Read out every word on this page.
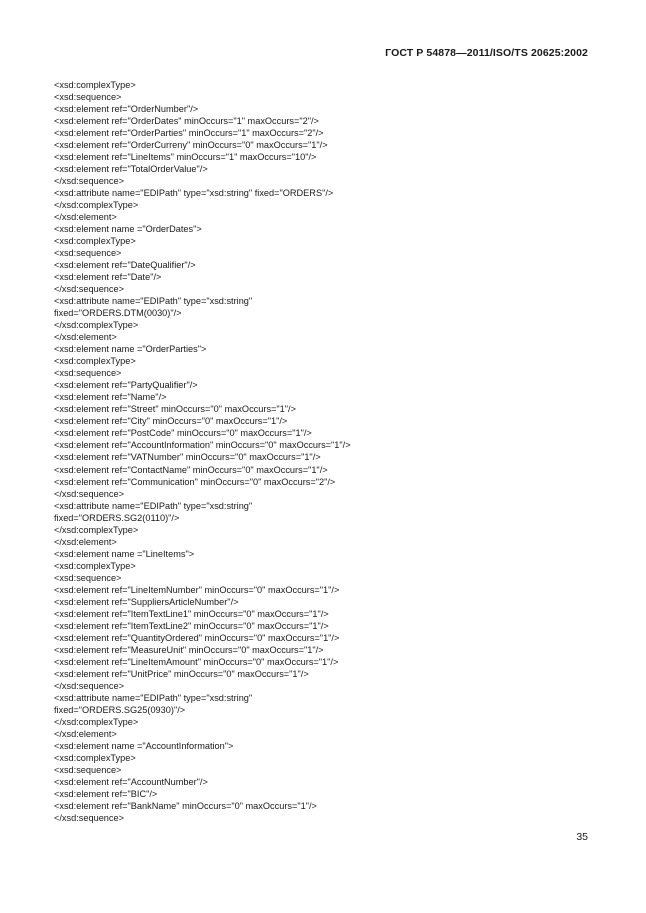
ГОСТ Р 54878—2011/ISO/TS 20625:2002
<xsd:complexType>
<xsd:sequence>
<xsd:element ref="OrderNumber"/>
<xsd:element ref="OrderDates" minOccurs="1" maxOccurs="2"/>
<xsd:element ref="OrderParties" minOccurs="1" maxOccurs="2"/>
<xsd:element ref="OrderCurreny" minOccurs="0" maxOccurs="1"/>
<xsd:element ref="LineItems" minOccurs="1" maxOccurs="10"/>
<xsd:element ref="TotalOrderValue"/>
</xsd:sequence>
<xsd:attribute name="EDIPath" type="xsd:string" fixed="ORDERS"/>
</xsd:complexType>
</xsd:element>
<xsd:element name ="OrderDates">
<xsd:complexType>
<xsd:sequence>
<xsd:element ref="DateQualifier"/>
<xsd:element ref="Date"/>
</xsd:sequence>
<xsd:attribute name="EDIPath" type="xsd:string"
fixed="ORDERS.DTM(0030)"/>
</xsd:complexType>
</xsd:element>
<xsd:element name ="OrderParties">
<xsd:complexType>
<xsd:sequence>
<xsd:element ref="PartyQualifier"/>
<xsd:element ref="Name"/>
<xsd:element ref="Street" minOccurs="0" maxOccurs="1"/>
<xsd:element ref="City" minOccurs="0" maxOccurs="1"/>
<xsd:element ref="PostCode" minOccurs="0" maxOccurs="1"/>
<xsd:element ref="AccountInformation" minOccurs="0" maxOccurs="1"/>
<xsd:element ref="VATNumber" minOccurs="0" maxOccurs="1"/>
<xsd:element ref="ContactName" minOccurs="0" maxOccurs="1"/>
<xsd:element ref="Communication" minOccurs="0" maxOccurs="2"/>
</xsd:sequence>
<xsd:attribute name="EDIPath" type="xsd:string"
fixed="ORDERS.SG2(0110)"/>
</xsd:complexType>
</xsd:element>
<xsd:element name ="LineItems">
<xsd:complexType>
<xsd:sequence>
<xsd:element ref="LineItemNumber" minOccurs="0" maxOccurs="1"/>
<xsd:element ref="SuppliersArticleNumber"/>
<xsd:element ref="ItemTextLine1" minOccurs="0" maxOccurs="1"/>
<xsd:element ref="ItemTextLine2" minOccurs="0" maxOccurs="1"/>
<xsd:element ref="QuantityOrdered" minOccurs="0" maxOccurs="1"/>
<xsd:element ref="MeasureUnit" minOccurs="0" maxOccurs="1"/>
<xsd:element ref="LineItemAmount" minOccurs="0" maxOccurs="1"/>
<xsd:element ref="UnitPrice" minOccurs="0" maxOccurs="1"/>
</xsd:sequence>
<xsd:attribute name="EDIPath" type="xsd:string"
fixed="ORDERS.SG25(0930)"/>
</xsd:complexType>
</xsd:element>
<xsd:element name ="AccountInformation">
<xsd:complexType>
<xsd:sequence>
<xsd:element ref="AccountNumber"/>
<xsd:element ref="BIC"/>
<xsd:element ref="BankName" minOccurs="0" maxOccurs="1"/>
</xsd:sequence>
35
